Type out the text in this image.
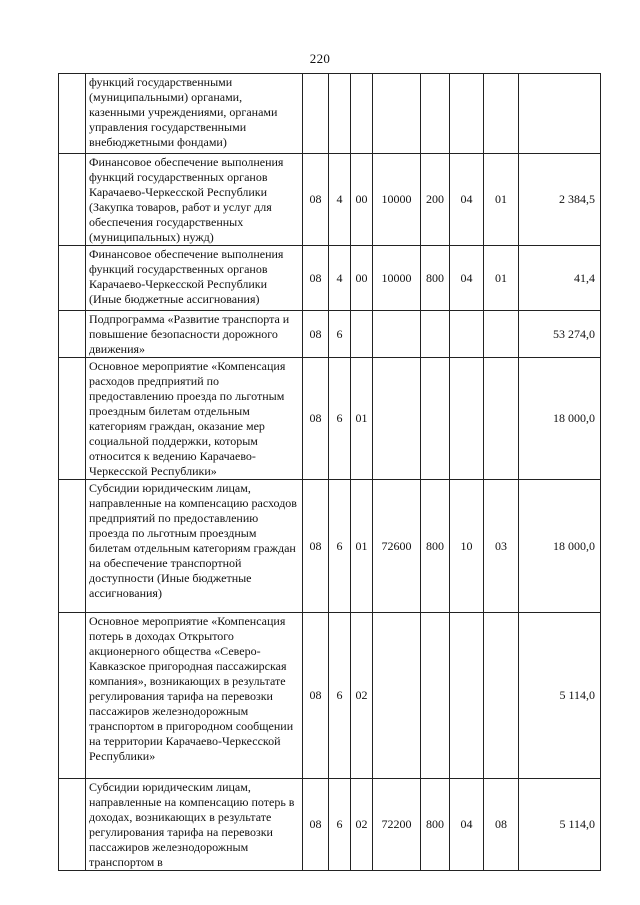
220
	функций государственными (муниципальными) органами, казенными учреждениями, органами управления государственными внебюджетными фондами)								
	Финансовое обеспечение выполнения функций государственных органов Карачаево-Черкесской Республики (Закупка товаров, работ и услуг для обеспечения государственных (муниципальных) нужд)	08	4	00	10000	200	04	01	2 384,5
	Финансовое обеспечение выполнения функций государственных органов Карачаево-Черкесской Республики (Иные бюджетные ассигнования)	08	4	00	10000	800	04	01	41,4
	Подпрограмма «Развитие транспорта и повышение безопасности дорожного движения»	08	6						53 274,0
	Основное мероприятие «Компенсация расходов предприятий по предоставлению проезда по льготным проездным билетам отдельным категориям граждан, оказание мер социальной поддержки, которым относится к ведению Карачаево-Черкесской Республики»	08	6	01					18 000,0
	Субсидии юридическим лицам, направленные на компенсацию расходов предприятий по предоставлению проезда по льготным проездным билетам отдельным категориям граждан на обеспечение транспортной доступности (Иные бюджетные ассигнования)	08	6	01	72600	800	10	03	18 000,0
	Основное мероприятие «Компенсация потерь в доходах Открытого акционерного общества «Северо-Кавказское пригородная пассажирская компания», возникающих в результате регулирования тарифа на перевозки пассажиров железнодорожным транспортом в пригородном сообщении на территории Карачаево-Черкесской Республики»	08	6	02					5 114,0
	Субсидии юридическим лицам, направленные на компенсацию потерь в доходах, возникающих в результате регулирования тарифа на перевозки пассажиров железнодорожным транспортом в	08	6	02	72200	800	04	08	5 114,0
